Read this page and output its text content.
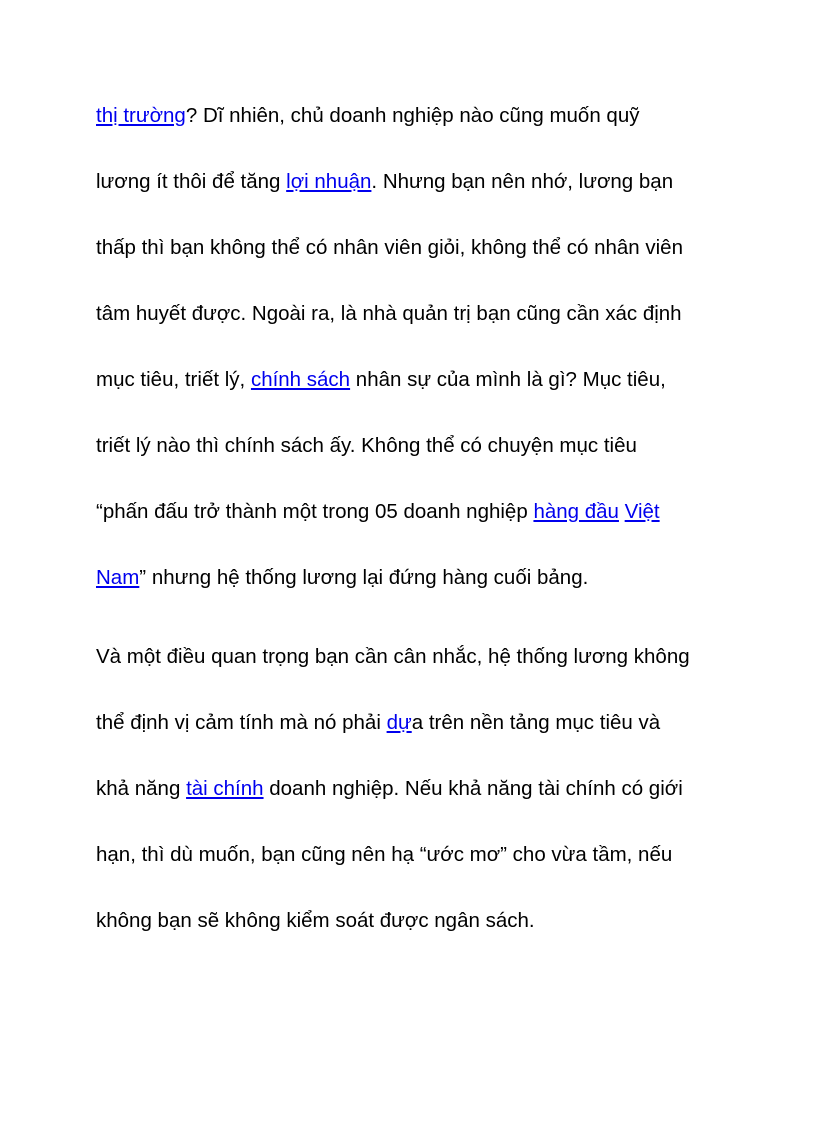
thị trường? Dĩ nhiên, chủ doanh nghiệp nào cũng muốn quỹ
lương ít thôi để tăng lợi nhuận. Nhưng bạn nên nhớ, lương bạn
thấp thì bạn không thể có nhân viên giỏi, không thể có nhân viên
tâm huyết được. Ngoài ra, là nhà quản trị bạn cũng cần xác định
mục tiêu, triết lý, chính sách nhân sự của mình là gì? Mục tiêu,
triết lý nào thì chính sách ấy. Không thể có chuyện mục tiêu
“phấn đấu trở thành một trong 05 doanh nghiệp hàng đầu Việt
Nam” nhưng hệ thống lương lại đứng hàng cuối bảng.

Và một điều quan trọng bạn cần cân nhắc, hệ thống lương không
thể định vị cảm tính mà nó phải dựa trên nền tảng mục tiêu và
khả năng tài chính doanh nghiệp. Nếu khả năng tài chính có giới
hạn, thì dù muốn, bạn cũng nên hạ “ước mơ” cho vừa tầm, nếu
không bạn sẽ không kiểm soát được ngân sách.
